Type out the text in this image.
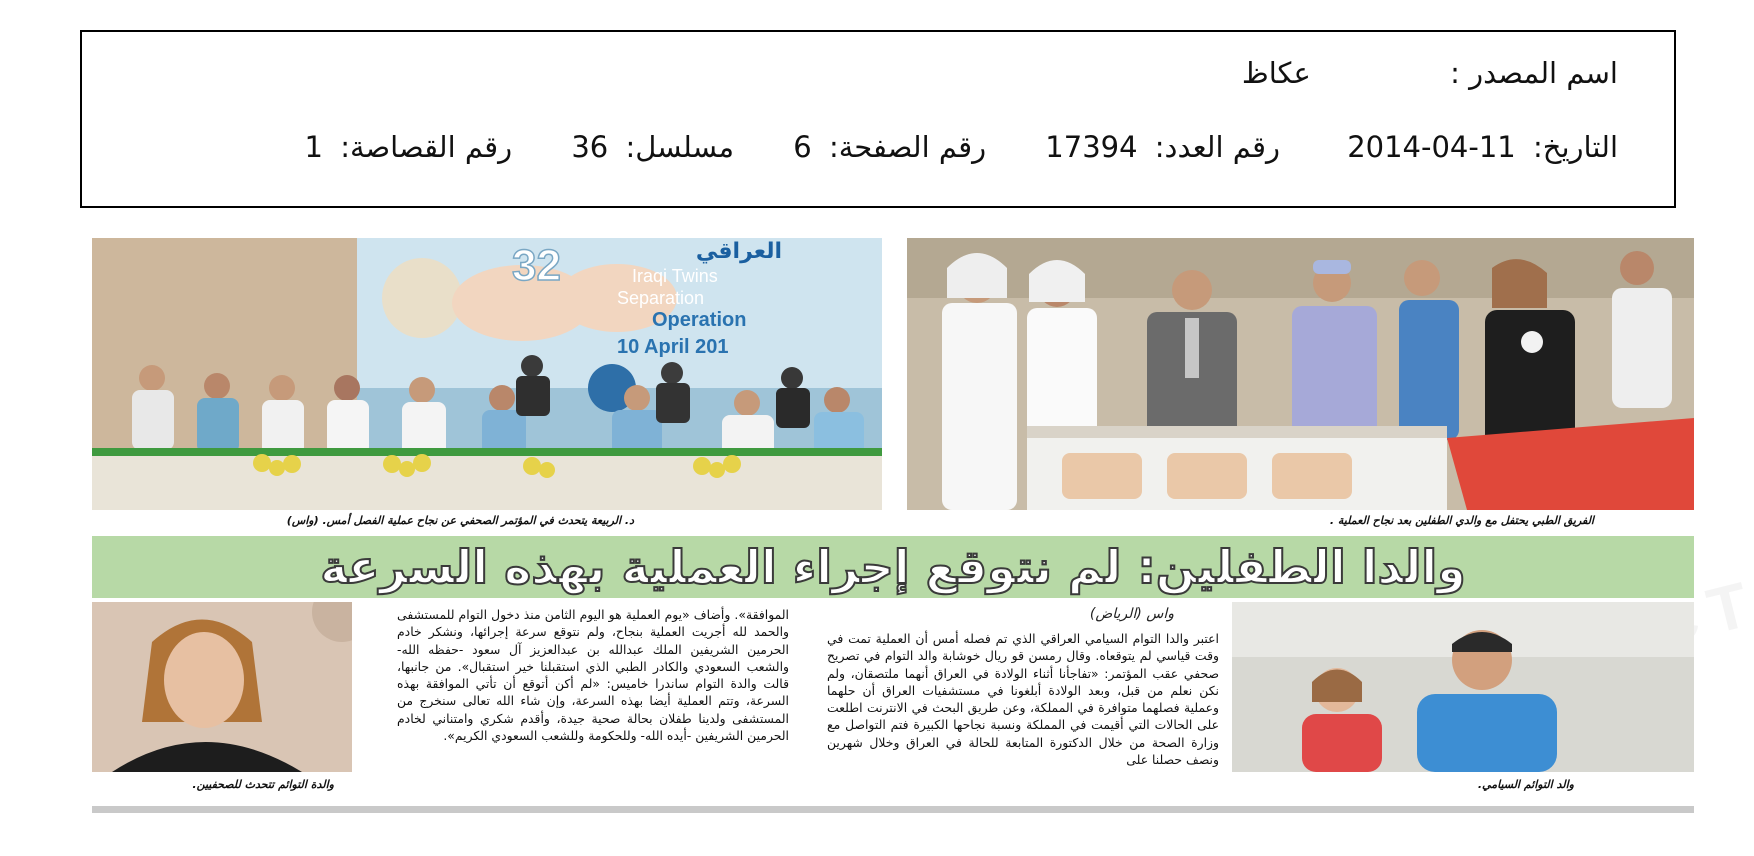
اسم المصدر : عكاظ
التاريخ: 2014-04-11 رقم العدد: 17394 رقم الصفحة: 6 مسلسل: 36 رقم القصاصة: 1
32	العراقي
Iraqi Twins
Separation
Operation
10 April 201
د. الربيعة يتحدث في المؤتمر الصحفي عن نجاح عملية الفصل أمس. (واس)	الفريق الطبي يحتفل مع والدي الطفلين بعد نجاح العملية .
والدا الطفلين: لم نتوقع إجراء العملية بهذه السرعة
والد التوائم السيامي.
والدة التوائم تتحدث للصحفيين.
واس (الرياض)
اعتبر والدا التوام السيامي العراقي الذي تم فصله أمس أن العملية تمت في وقت قياسي لم يتوقعاه. وقال رمسن قو ريال خوشابة والد التوام في تصريح صحفي عقب المؤتمر: «تفاجأنا أثناء الولادة في العراق أنهما ملتصقان، ولم نكن نعلم من قبل، وبعد الولادة أبلغونا في مستشفيات العراق أن حلهما وعملية فصلهما متوافرة في المملكة، وعن طريق البحث في الانترنت اطلعت على الحالات التي أقيمت في المملكة ونسبة نجاحها الكبيرة فتم التواصل مع وزارة الصحة من خلال الدكتورة المتابعة للحالة في العراق وخلال شهرين ونصف حصلنا على
الموافقة». وأضاف «يوم العملية هو اليوم الثامن منذ دخول التوام للمستشفى والحمد لله أجريت العملية بنجاح، ولم نتوقع سرعة إجرائها، ونشكر خادم الحرمين الشريفين الملك عبدالله بن عبدالعزيز آل سعود -حفظه الله- والشعب السعودي والكادر الطبي الذي استقبلنا خير استقبال». من جانبها، قالت والدة التوام ساندرا خاميس: «لم أكن أتوقع أن تأتي الموافقة بهذه السرعة، وتتم العملية أيضا بهذه السرعة، وإن شاء الله تعالى سنخرج من المستشفى ولدينا طفلان بحالة صحية جيدة، وأقدم شكري وامتناني لخادم الحرمين الشريفين -أيده الله- وللحكومة وللشعب السعودي الكريم».
